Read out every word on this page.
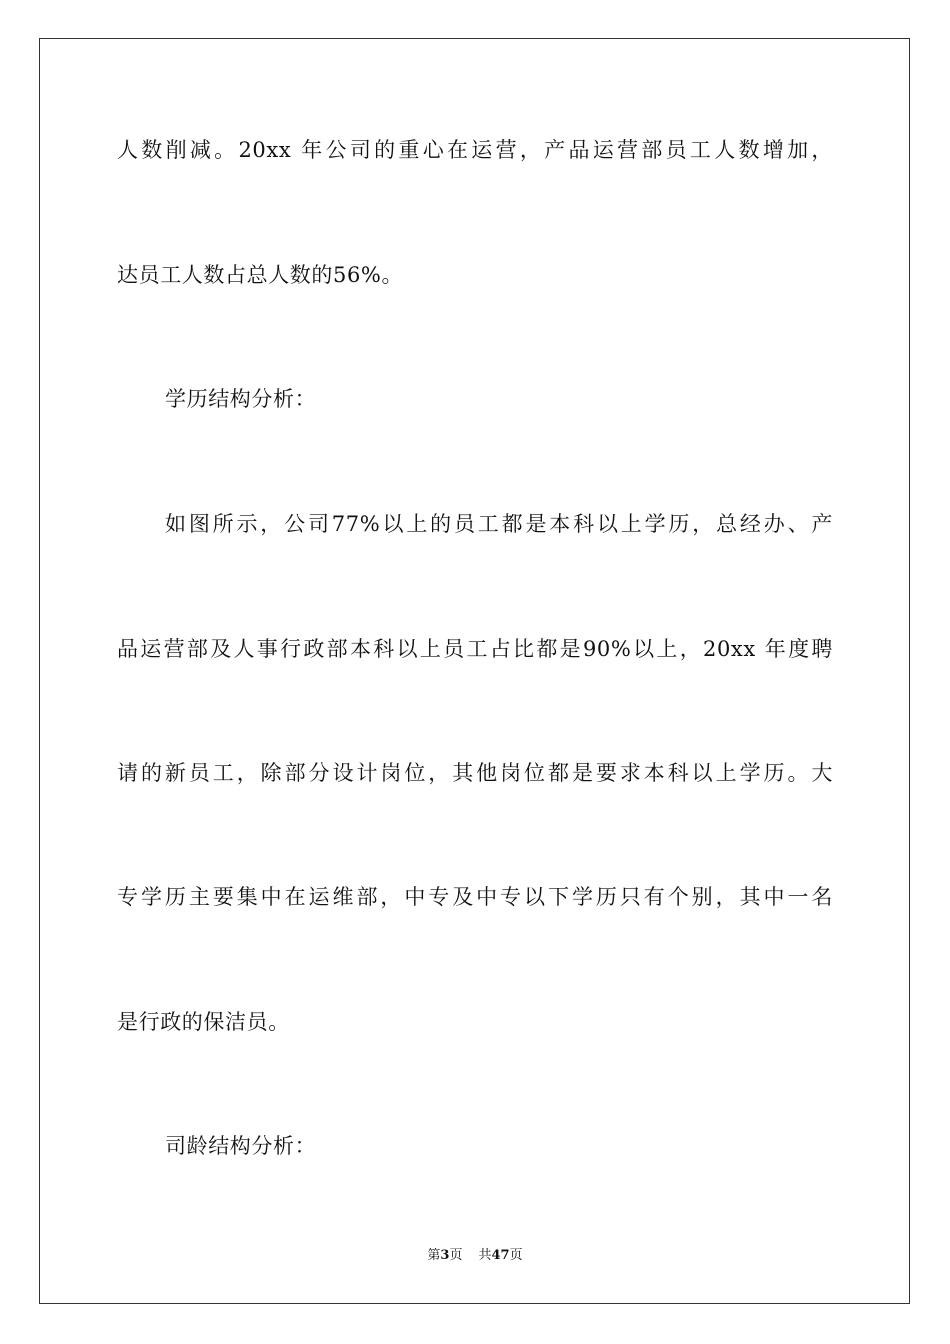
人数削减。20xx 年公司的重心在运营，产品运营部员工人数增加，
达员工人数占总人数的56%。
学历结构分析：
如图所示，公司77%以上的员工都是本科以上学历，总经办、产
品运营部及人事行政部本科以上员工占比都是90%以上，20xx 年度聘
请的新员工，除部分设计岗位，其他岗位都是要求本科以上学历。大
专学历主要集中在运维部，中专及中专以下学历只有个别，其中一名
是行政的保洁员。
司龄结构分析：
第3页 共47页
